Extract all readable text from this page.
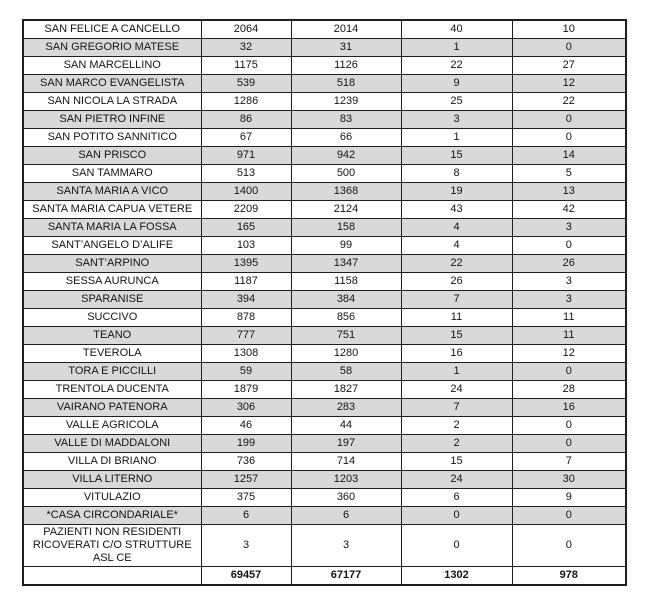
SAN FELICE A CANCELLO	2064	2014	40	10
SAN GREGORIO MATESE	32	31	1	0
SAN MARCELLINO	1175	1126	22	27
SAN MARCO EVANGELISTA	539	518	9	12
SAN NICOLA LA STRADA	1286	1239	25	22
SAN PIETRO INFINE	86	83	3	0
SAN POTITO SANNITICO	67	66	1	0
SAN PRISCO	971	942	15	14
SAN TAMMARO	513	500	8	5
SANTA MARIA A VICO	1400	1368	19	13
SANTA MARIA CAPUA VETERE	2209	2124	43	42
SANTA MARIA LA FOSSA	165	158	4	3
SANT’ANGELO D’ALIFE	103	99	4	0
SANT’ARPINO	1395	1347	22	26
SESSA AURUNCA	1187	1158	26	3
SPARANISE	394	384	7	3
SUCCIVO	878	856	11	11
TEANO	777	751	15	11
TEVEROLA	1308	1280	16	12
TORA E PICCILLI	59	58	1	0
TRENTOLA DUCENTA	1879	1827	24	28
VAIRANO PATENORA	306	283	7	16
VALLE AGRICOLA	46	44	2	0
VALLE DI MADDALONI	199	197	2	0
VILLA DI BRIANO	736	714	15	7
VILLA LITERNO	1257	1203	24	30
VITULAZIO	375	360	6	9
*CASA CIRCONDARIALE*	6	6	0	0
PAZIENTI NON RESIDENTI RICOVERATI C/O STRUTTURE ASL CE	3	3	0	0
	69457	67177	1302	978
